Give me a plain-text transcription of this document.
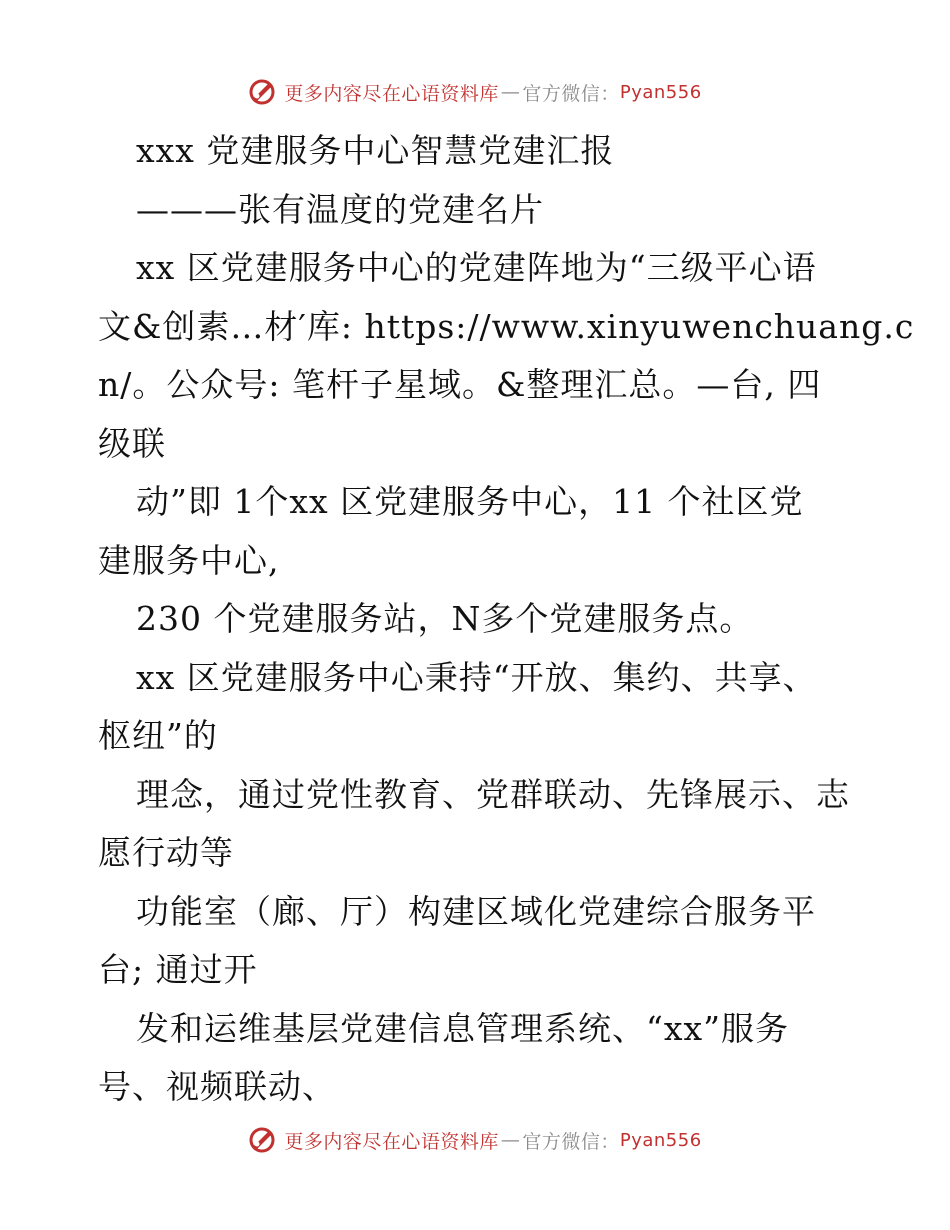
更多内容尽在心语资料库 — 官方微信： Pyan556
xxx 党建服务中心智慧党建汇报
———张有温度的党建名片
xx 区党建服务中心的党建阵地为“三级平心语
文&创素…材′库: https://www.xinyuwenchuang.c
n/。公众号: 笔杆子星域。&整理汇总。—台, 四
级联
动”即 1个xx 区党建服务中心，11 个社区党
建服务中心,
230 个党建服务站，N多个党建服务点。
xx 区党建服务中心秉持“开放、集约、共享、
枢纽”的
理念，通过党性教育、党群联动、先锋展示、志
愿行动等
功能室（廊、厅）构建区域化党建综合服务平
台; 通过开
发和运维基层党建信息管理系统、“xx”服务
号、视频联动、
更多内容尽在心语资料库 — 官方微信： Pyan556
